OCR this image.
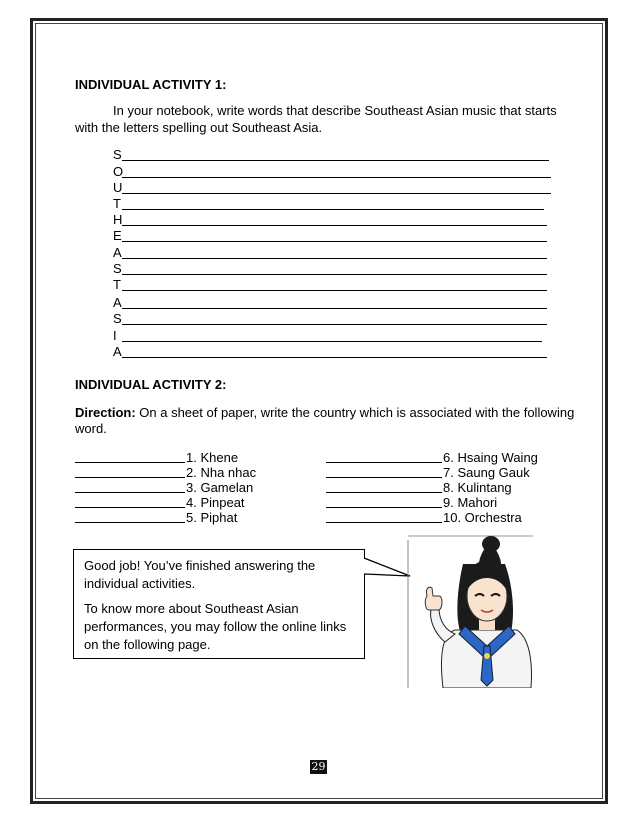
INDIVIDUAL ACTIVITY 1:
In your notebook, write words that describe Southeast Asian music that starts
with the letters spelling out Southeast Asia.
S
O
U
T
H
E
A
S
T
A
S
I
A
INDIVIDUAL ACTIVITY 2:
Direction: On a sheet of paper, write the country which is associated with the following
word.
1. Khene
2. Nha nhac
3. Gamelan
4. Pinpeat
5. Piphat
6. Hsaing Waing
7. Saung Gauk
8. Kulintang
9. Mahori
10. Orchestra

Good job! You’ve finished answering the individual activities.

To know more about Southeast Asian performances, you may follow the online links on the following page.

29
